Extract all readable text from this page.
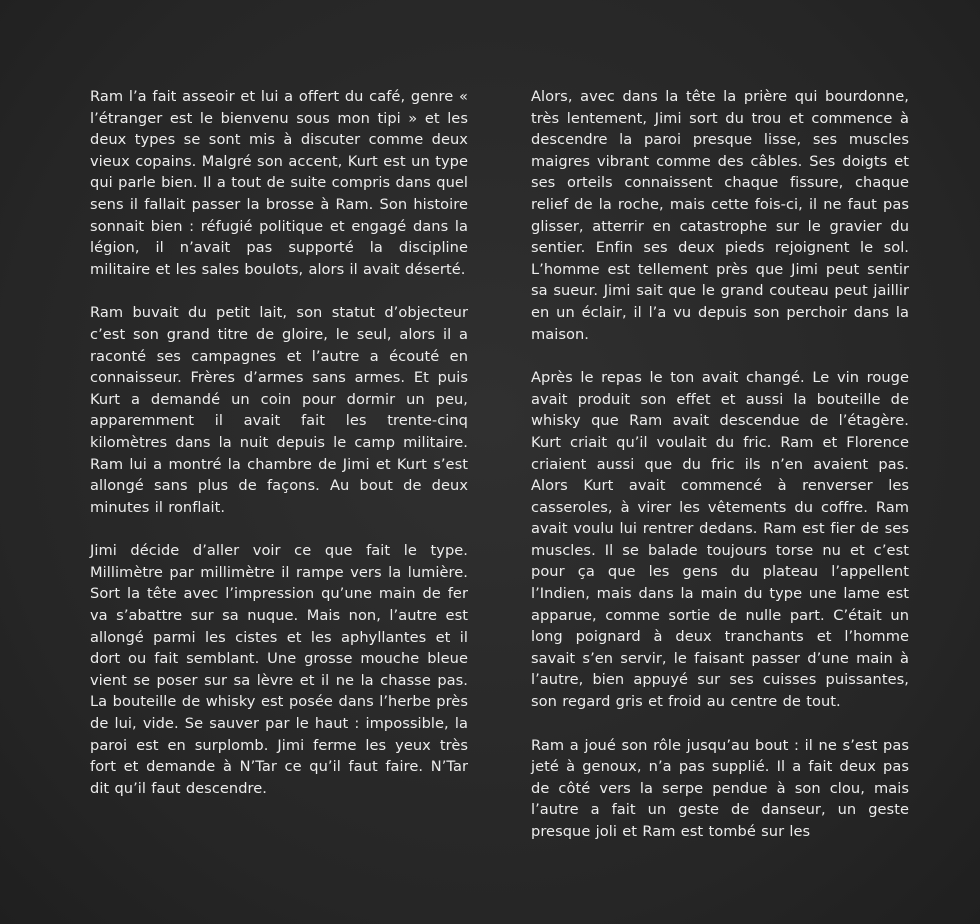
Ram l’a fait asseoir et lui a offert du café, genre « l’étranger est le bienvenu sous mon tipi » et les deux types se sont mis à discuter comme deux vieux copains. Malgré son accent, Kurt est un type qui parle bien. Il a tout de suite compris dans quel sens il fallait passer la brosse à Ram. Son histoire sonnait bien : réfugié politique et engagé dans la légion, il n’avait pas supporté la discipline militaire et les sales boulots, alors il avait déserté.

Ram buvait du petit lait, son statut d’objecteur c’est son grand titre de gloire, le seul, alors il a raconté ses campagnes et l’autre a écouté en connaisseur. Frères d’armes sans armes. Et puis Kurt a demandé un coin pour dormir un peu, apparemment il avait fait les trente-cinq kilomètres dans la nuit depuis le camp militaire. Ram lui a montré la chambre de Jimi et Kurt s’est allongé sans plus de façons. Au bout de deux minutes il ronflait.

Jimi décide d’aller voir ce que fait le type. Millimètre par millimètre il rampe vers la lumière. Sort la tête avec l’impression qu’une main de fer va s’abattre sur sa nuque. Mais non, l’autre est allongé parmi les cistes et les aphyllantes et il dort ou fait semblant. Une grosse mouche bleue vient se poser sur sa lèvre et il ne la chasse pas. La bouteille de whisky est posée dans l’herbe près de lui, vide. Se sauver par le haut : impossible, la paroi est en surplomb. Jimi ferme les yeux très fort et demande à N’Tar ce qu’il faut faire. N’Tar dit qu’il faut descendre.

Alors, avec dans la tête la prière qui bourdonne, très lentement, Jimi sort du trou et commence à descendre la paroi presque lisse, ses muscles maigres vibrant comme des câbles. Ses doigts et ses orteils connaissent chaque fissure, chaque relief de la roche, mais cette fois-ci, il ne faut pas glisser, atterrir en catastrophe sur le gravier du sentier. Enfin ses deux pieds rejoignent le sol. L’homme est tellement près que Jimi peut sentir sa sueur. Jimi sait que le grand couteau peut jaillir en un éclair, il l’a vu depuis son perchoir dans la maison.

Après le repas le ton avait changé. Le vin rouge avait produit son effet et aussi la bouteille de whisky que Ram avait descendue de l’étagère. Kurt criait qu’il voulait du fric. Ram et Florence criaient aussi que du fric ils n’en avaient pas. Alors Kurt avait commencé à renverser les casseroles, à virer les vêtements du coffre. Ram avait voulu lui rentrer dedans. Ram est fier de ses muscles. Il se balade toujours torse nu et c’est pour ça que les gens du plateau l’appellent l’Indien, mais dans la main du type une lame est apparue, comme sortie de nulle part. C’était un long poignard à deux tranchants et l’homme savait s’en servir, le faisant passer d’une main à l’autre, bien appuyé sur ses cuisses puissantes, son regard gris et froid au centre de tout.

Ram a joué son rôle jusqu’au bout : il ne s’est pas jeté à genoux, n’a pas supplié. Il a fait deux pas de côté vers la serpe pendue à son clou, mais l’autre a fait un geste de danseur, un geste presque joli et Ram est tombé sur les
